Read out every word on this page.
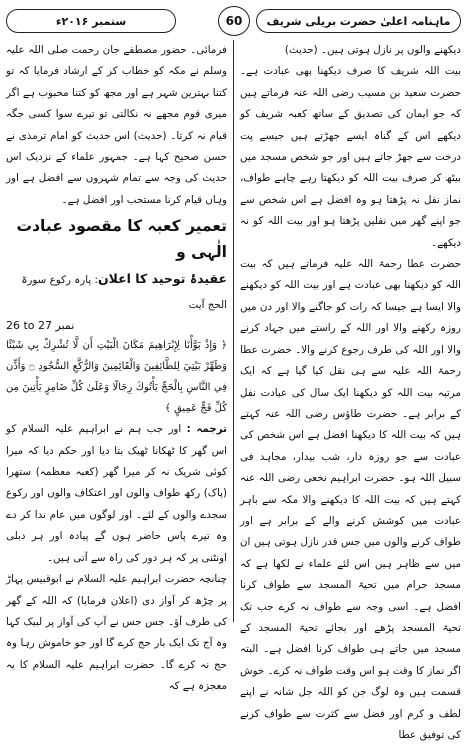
ماہنامہ اعلیٰ حضرت بریلی شریف
60
ستمبر ۲۰۱۶ء

دیکھنے والوں پر نازل ہوتی ہیں۔ (حدیث)

بیت اللہ شریف کا صرف دیکھنا بھی عبادت ہے۔ حضرت سعید بن مسیب رضی اللہ عنہ فرماتے ہیں کہ جو ایمان کی تصدیق کے ساتھ کعبہ شریف کو دیکھے اس کے گناہ ایسے جھڑتے ہیں جیسے پت درخت سے جھڑ جاتے ہیں اور جو شخص مسجد میں بیٹھ کر صرف بیت اللہ کو دیکھتا رہے چاہے طواف، نماز نفل نہ پڑھتا ہو وہ افضل ہے اس شخص سے جو اپنے گھر میں نفلیں پڑھتا ہو اور بیت اللہ کو نہ دیکھے۔

حضرت عطا رحمۃ اللہ علیہ فرماتے ہیں کہ بیت اللہ کو دیکھنا بھی عبادت ہے اور بیت اللہ کو دیکھنے والا ایسا ہے جیسا کہ رات کو جاگنے والا اور دن میں روزہ رکھنے والا اور اللہ کے راستے میں جہاد کرنے والا اور اللہ کی طرف رجوع کرنے والا۔ حضرت عطا رحمۃ اللہ علیہ سے ہی نقل کیا گیا ہے کہ ایک مرتبہ بیت اللہ کو دیکھنا ایک سال کی عبادت نفل کے برابر ہے۔ حضرت طاؤس رضی اللہ عنہ کہتے ہیں کہ بیت اللہ کا دیکھنا افضل ہے اس شخص کی عبادت سے جو روزہ دار، شب بیدار، مجاہد فی سبیل اللہ ہو۔ حضرت ابراہیم نخعی رضی اللہ عنہ کہتے ہیں کہ بیت اللہ کا دیکھنے والا مکہ سے باہر عبادت میں کوشش کرنے والے کے برابر ہے اور طواف کرنے والوں میں جس قدر نازل ہوتی ہیں ان میں سے ظاہر ہیں اس لئے علماء نے لکھا ہے کہ مسجد حرام میں تحیۃ المسجد سے طواف کرنا افضل ہے۔ اسی وجہ سے طواف نہ کرے جب تک تحیۃ المسجد پڑھے اور بجائے تحیۃ المسجد کے مسجد میں جاتے ہی طواف کرنا افضل ہے۔ البتہ اگر نماز کا وقت ہو اس وقت طواف نہ کرے۔ خوش قسمت ہیں وہ لوگ جن کو اللہ جل شانہ نے اپنے لطف و کرم اور فضل سے کثرت سے طواف کرنے کی توفیق عطا

فرمائی۔ حضور مصطفے جان رحمت صلی اللہ علیہ وسلم نے مکہ کو خطاب کر کے ارشاد فرمایا کہ تو کتنا بہترین شہر ہے اور مجھ کو کتنا محبوب ہے اگر میری قوم مجھے نہ نکالتی تو تیرے سوا کسی جگہ قیام نہ کرتا۔ (حدیث) اس حدیث کو امام ترمذی نے حسن صحیح کہا ہے۔ جمہور علماء کے نزدیک اس حدیث کی وجہ سے تمام شہروں سے افضل ہے اور وہاں قیام کرنا مستحب اور افضل ہے۔

تعمیر کعبہ کا مقصود عبادت الٰہی و
عقیدۂ توحید کا اعلان: پارہ رکوع سورۃ الحج آیت
26 to 27 نمبر

﴿ وَإِذْ بَوَّأْنَا لِإِبْرَاهِيمَ مَكَانَ الْبَيْتِ أَن لَّا تُشْرِكْ بِي شَيْئًا وَطَهِّرْ بَيْتِيَ لِلطَّائِفِينَ وَالْقَائِمِينَ وَالرُّكَّعِ السُّجُودِ ۝ وَأَذِّن فِي النَّاسِ بِالْحَجِّ يَأْتُوكَ رِجَالًا وَعَلَىٰ كُلِّ ضَامِرٍ يَأْتِينَ مِن كُلِّ فَجٍّ عَمِيقٍ ﴾

ترجمہ : اور جب ہم نے ابراہیم علیہ السلام کو اس گھر کا ٹھکانا ٹھیک بتا دیا اور حکم دیا کہ میرا کوئی شریک نہ کر میرا گھر (کعبہ معظمہ) ستھرا (پاک) رکھ طواف والوں اور اعتکاف والوں اور رکوع سجدے والوں کے لئے۔ اور لوگوں میں عام ندا کر دے وہ تیرے پاس حاضر ہوں گے پیادہ اور ہر دبلی اونٹنی پر کہ ہر دور کی راہ سے آتی ہیں۔

چنانچہ حضرت ابراہیم علیہ السلام نے ابوقبیس پہاڑ پر چڑھ کر آواز دی (اعلان فرمایا) کہ اللہ کے گھر کی طرف آؤ۔ جس جس نے آپ کی آواز پر لبیک کہا وہ آج تک ایک بار حج کرے گا اور جو خاموش رہا وہ حج نہ کرے گا۔ حضرت ابراہیم علیہ السلام کا یہ معجزہ ہے کہ
